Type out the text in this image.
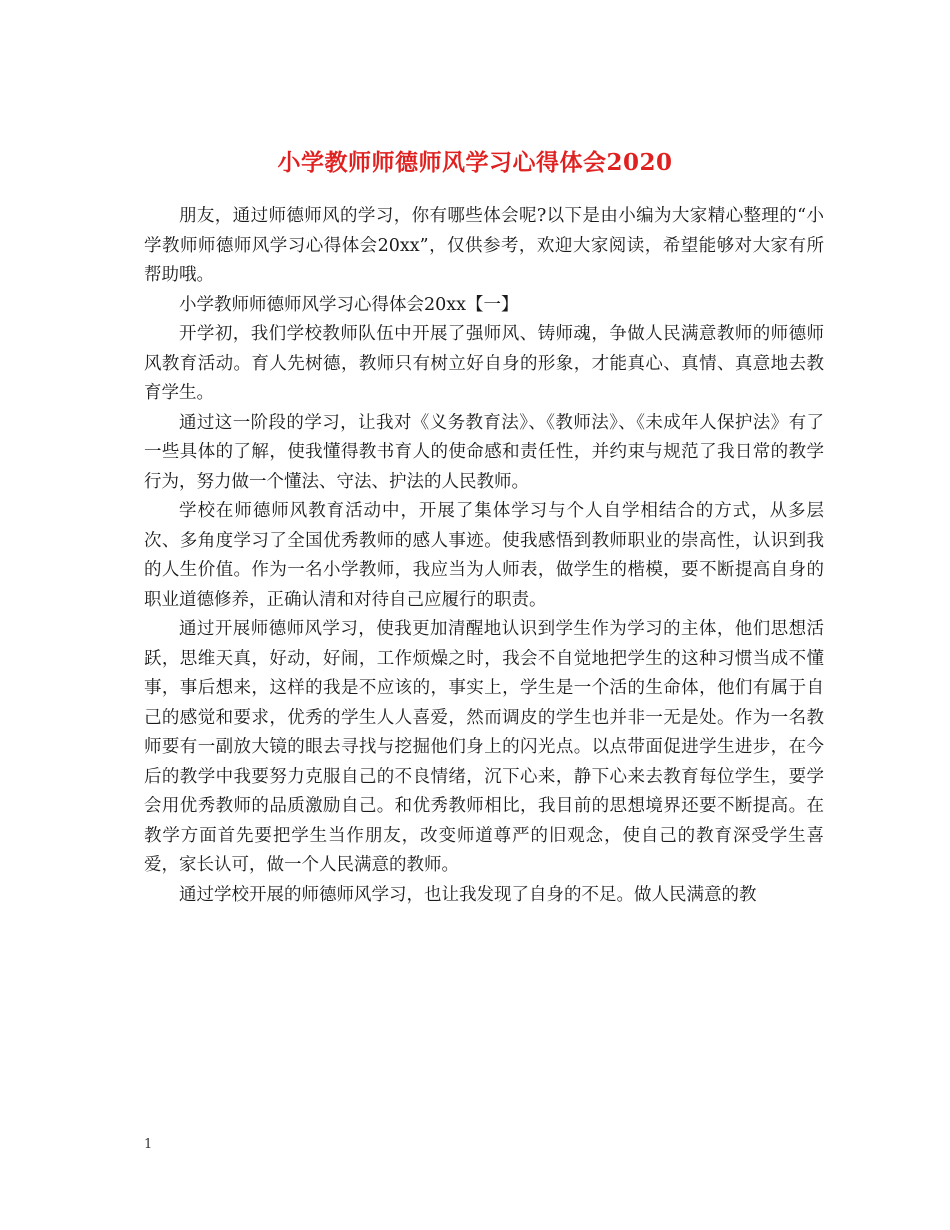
小学教师师德师风学习心得体会2020

朋友，通过师德师风的学习，你有哪些体会呢?以下是由小编为大家精心整理的“小学教师师德师风学习心得体会20xx”，仅供参考，欢迎大家阅读，希望能够对大家有所帮助哦。

小学教师师德师风学习心得体会20xx【一】

开学初，我们学校教师队伍中开展了强师风、铸师魂，争做人民满意教师的师德师风教育活动。育人先树德，教师只有树立好自身的形象，才能真心、真情、真意地去教育学生。

通过这一阶段的学习，让我对《义务教育法》、《教师法》、《未成年人保护法》有了一些具体的了解，使我懂得教书育人的使命感和责任性，并约束与规范了我日常的教学行为，努力做一个懂法、守法、护法的人民教师。

学校在师德师风教育活动中，开展了集体学习与个人自学相结合的方式，从多层次、多角度学习了全国优秀教师的感人事迹。使我感悟到教师职业的崇高性，认识到我的人生价值。作为一名小学教师，我应当为人师表，做学生的楷模，要不断提高自身的职业道德修养，正确认清和对待自己应履行的职责。

通过开展师德师风学习，使我更加清醒地认识到学生作为学习的主体，他们思想活跃，思维天真，好动，好闹，工作烦燥之时，我会不自觉地把学生的这种习惯当成不懂事，事后想来，这样的我是不应该的，事实上，学生是一个活的生命体，他们有属于自己的感觉和要求，优秀的学生人人喜爱，然而调皮的学生也并非一无是处。作为一名教师要有一副放大镜的眼去寻找与挖掘他们身上的闪光点。以点带面促进学生进步，在今后的教学中我要努力克服自己的不良情绪，沉下心来，静下心来去教育每位学生，要学会用优秀教师的品质激励自己。和优秀教师相比，我目前的思想境界还要不断提高。在教学方面首先要把学生当作朋友，改变师道尊严的旧观念，使自己的教育深受学生喜爱，家长认可，做一个人民满意的教师。

通过学校开展的师德师风学习，也让我发现了自身的不足。做人民满意的教

1
